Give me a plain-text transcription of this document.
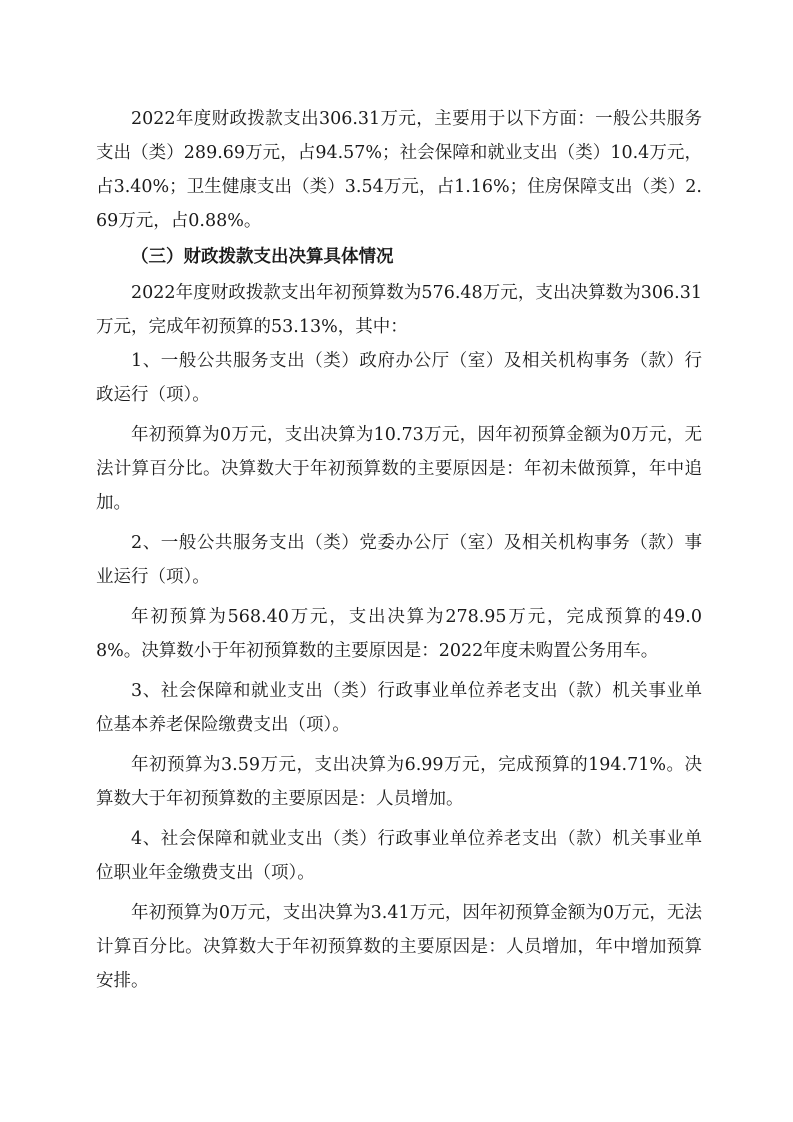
2022年度财政拨款支出306.31万元，主要用于以下方面：一般公共服务支出（类）289.69万元，占94.57%；社会保障和就业支出（类）10.4万元，占3.40%；卫生健康支出（类）3.54万元，占1.16%；住房保障支出（类）2.69万元，占0.88%。

（三）财政拨款支出决算具体情况

2022年度财政拨款支出年初预算数为576.48万元，支出决算数为306.31万元，完成年初预算的53.13%，其中：

1、一般公共服务支出（类）政府办公厅（室）及相关机构事务（款）行政运行（项）。

年初预算为0万元，支出决算为10.73万元，因年初预算金额为0万元，无法计算百分比。决算数大于年初预算数的主要原因是：年初未做预算，年中追加。

2、一般公共服务支出（类）党委办公厅（室）及相关机构事务（款）事业运行（项）。

年初预算为568.40万元，支出决算为278.95万元，完成预算的49.08%。决算数小于年初预算数的主要原因是：2022年度未购置公务用车。

3、社会保障和就业支出（类）行政事业单位养老支出（款）机关事业单位基本养老保险缴费支出（项）。

年初预算为3.59万元，支出决算为6.99万元，完成预算的194.71%。决算数大于年初预算数的主要原因是：人员增加。

4、社会保障和就业支出（类）行政事业单位养老支出（款）机关事业单位职业年金缴费支出（项）。

年初预算为0万元，支出决算为3.41万元，因年初预算金额为0万元，无法计算百分比。决算数大于年初预算数的主要原因是：人员增加，年中增加预算安排。
